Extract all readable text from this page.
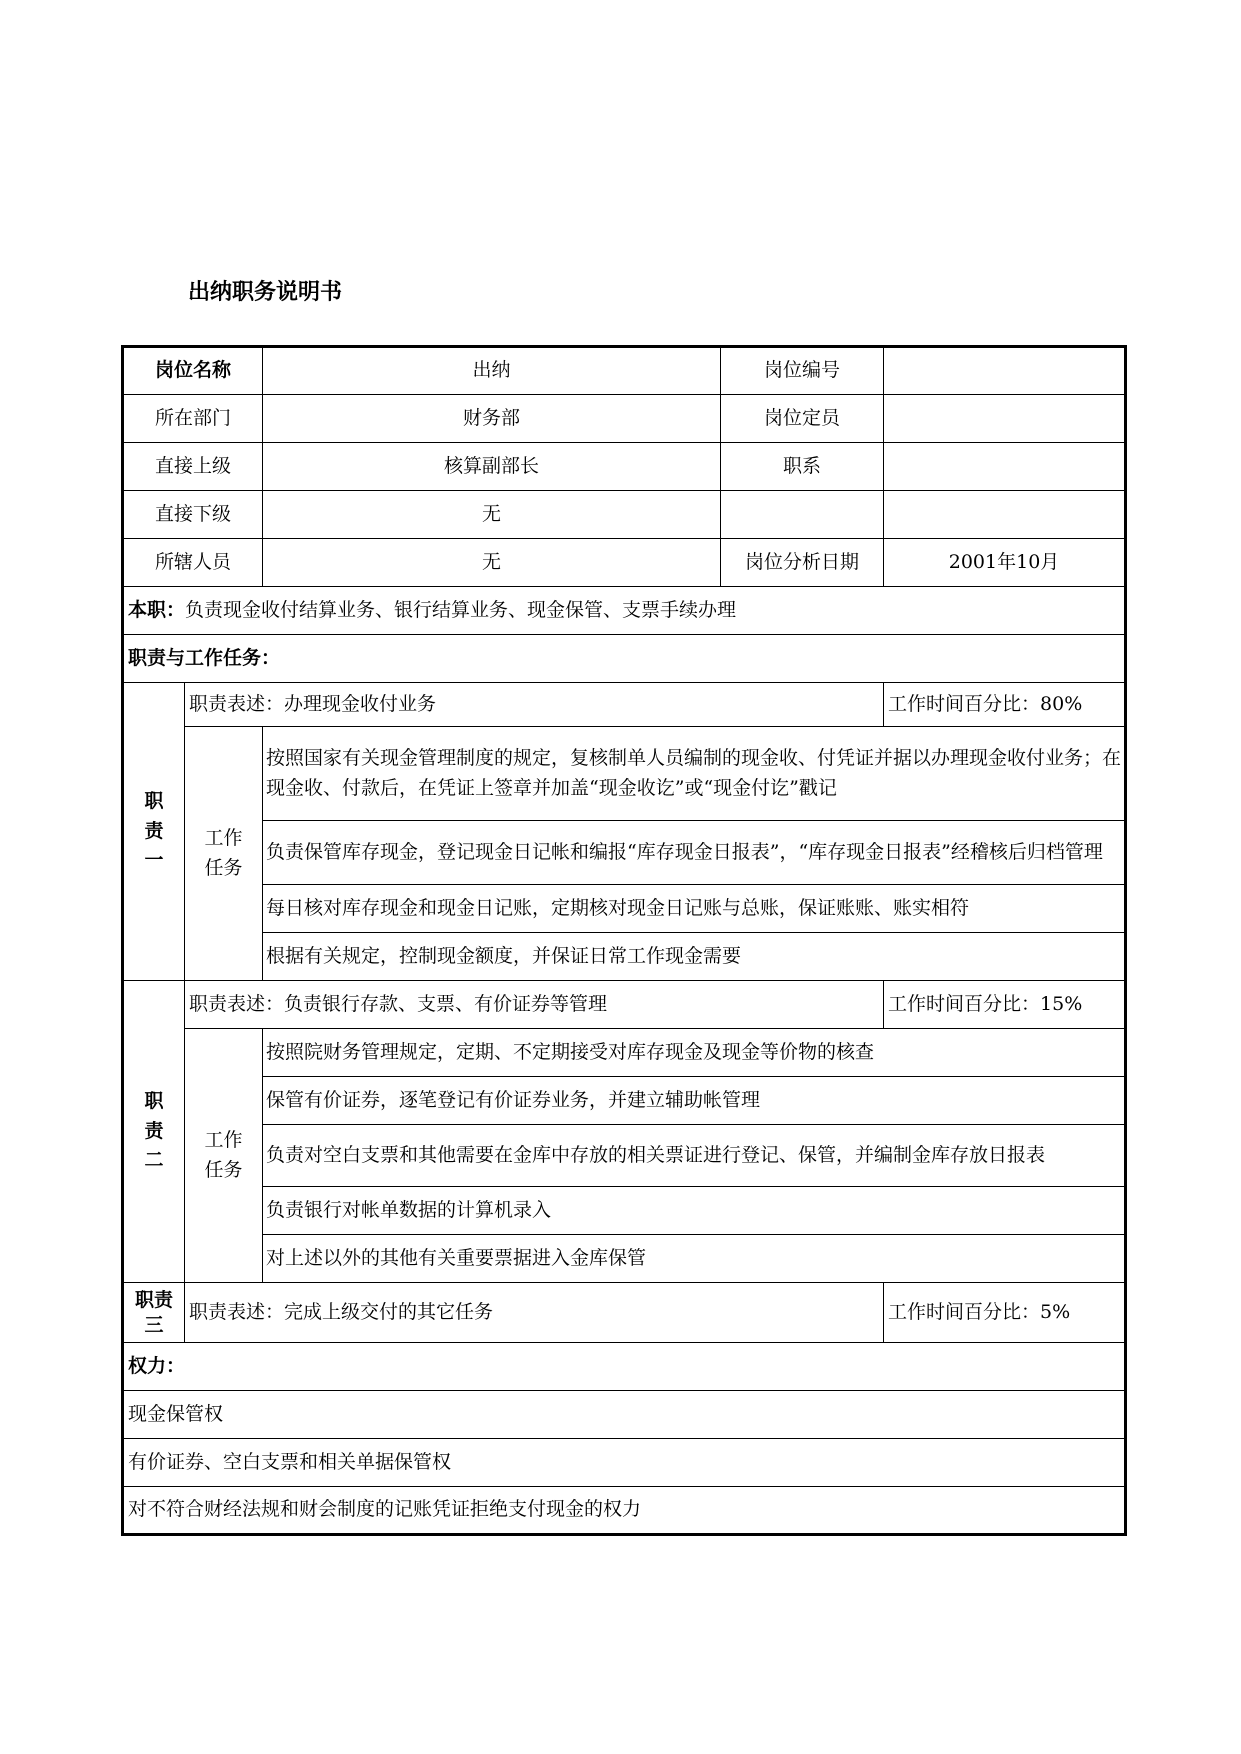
出纳职务说明书
岗位名称		出纳	岗位编号	
所在部门		财务部	岗位定员	
直接上级		核算副部长	职系	
直接下级		无		
所辖人员		无	岗位分析日期	2001年10月
本职：负责现金收付结算业务、银行结算业务、现金保管、支票手续办理				
职责与工作任务：				

职
责
一	职责表述：办理现金收付业务			工作时间百分比：80%

	工作
任务	按照国家有关现金管理制度的规定，复核制单人员编制的现金收、付凭证并据以办理现金收付业务；在现金收、付款后，在凭证上签章并加盖“现金收讫”或“现金付讫”戳记		
		负责保管库存现金，登记现金日记帐和编报“库存现金日报表”，“库存现金日报表”经稽核后归档管理		
		每日核对库存现金和现金日记账，定期核对现金日记账与总账，保证账账、账实相符		
		根据有关规定，控制现金额度，并保证日常工作现金需要		

职
责
二	职责表述：负责银行存款、支票、有价证券等管理			工作时间百分比：15%

	工作
任务	按照院财务管理规定，定期、不定期接受对库存现金及现金等价物的核查		
		保管有价证券，逐笔登记有价证券业务，并建立辅助帐管理		
		负责对空白支票和其他需要在金库中存放的相关票证进行登记、保管，并编制金库存放日报表		
		负责银行对帐单数据的计算机录入		
		对上述以外的其他有关重要票据进入金库保管		

职责
三	职责表述：完成上级交付的其它任务			工作时间百分比：5%
权力：				
现金保管权				
有价证券、空白支票和相关单据保管权				
对不符合财经法规和财会制度的记账凭证拒绝支付现金的权力				
